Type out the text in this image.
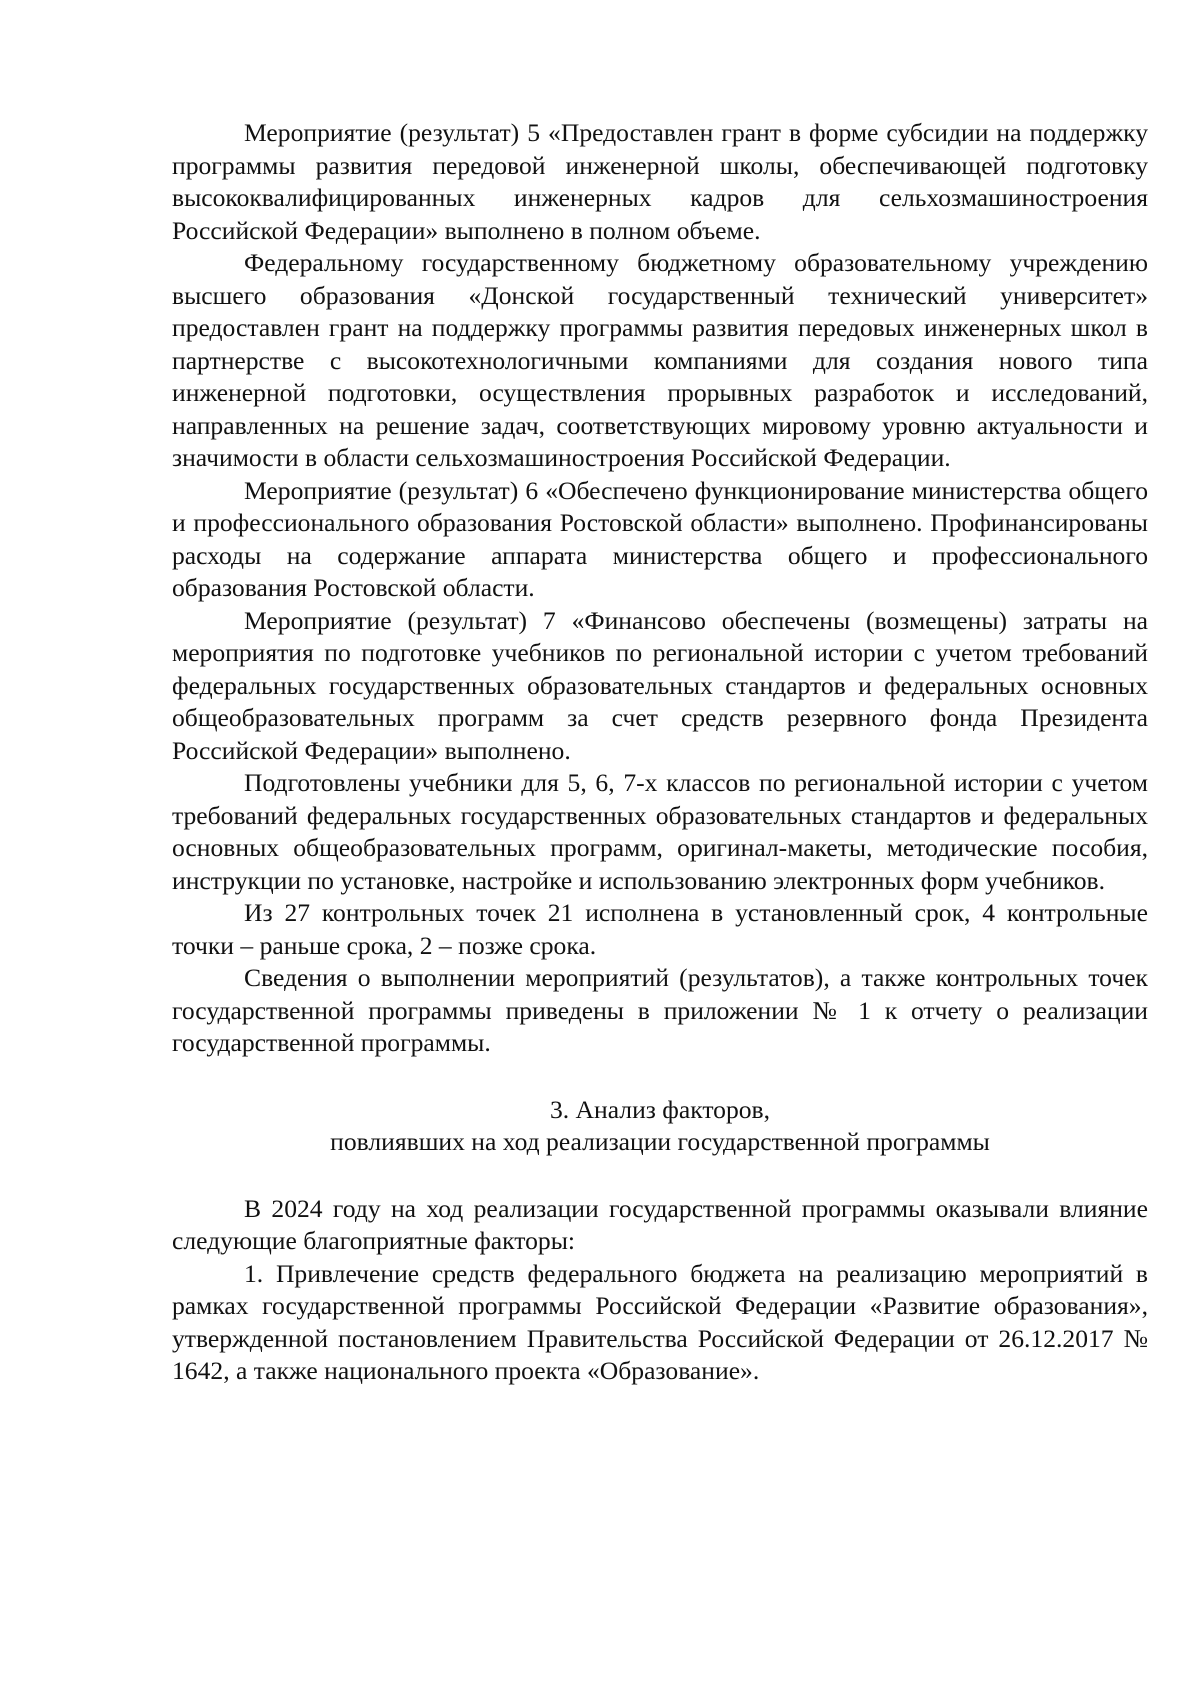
Мероприятие (результат) 5 «Предоставлен грант в форме субсидии на поддержку программы развития передовой инженерной школы, обеспечивающей подготовку высококвалифицированных инженерных кадров для сельхозмашиностроения Российской Федерации» выполнено в полном объеме.

Федеральному государственному бюджетному образовательному учреждению высшего образования «Донской государственный технический университет» предоставлен грант на поддержку программы развития передовых инженерных школ в партнерстве с высокотехнологичными компаниями для создания нового типа инженерной подготовки, осуществления прорывных разработок и исследований, направленных на решение задач, соответствующих мировому уровню актуальности и значимости в области сельхозмашиностроения Российской Федерации.

Мероприятие (результат) 6 «Обеспечено функционирование министерства общего и профессионального образования Ростовской области» выполнено. Профинансированы расходы на содержание аппарата министерства общего и профессионального образования Ростовской области.

Мероприятие (результат) 7 «Финансово обеспечены (возмещены) затраты на мероприятия по подготовке учебников по региональной истории с учетом требований федеральных государственных образовательных стандартов и федеральных основных общеобразовательных программ за счет средств резервного фонда Президента Российской Федерации» выполнено.

Подготовлены учебники для 5, 6, 7-х классов по региональной истории с учетом требований федеральных государственных образовательных стандартов и федеральных основных общеобразовательных программ, оригинал-макеты, методические пособия, инструкции по установке, настройке и использованию электронных форм учебников.

Из 27 контрольных точек 21 исполнена в установленный срок, 4 контрольные точки – раньше срока, 2 – позже срока.

Сведения о выполнении мероприятий (результатов), а также контрольных точек государственной программы приведены в приложении № 1 к отчету о реализации государственной программы.

3. Анализ факторов,
повлиявших на ход реализации государственной программы

В 2024 году на ход реализации государственной программы оказывали влияние следующие благоприятные факторы:

1. Привлечение средств федерального бюджета на реализацию мероприятий в рамках государственной программы Российской Федерации «Развитие образования», утвержденной постановлением Правительства Российской Федерации от 26.12.2017 № 1642, а также национального проекта «Образование».
